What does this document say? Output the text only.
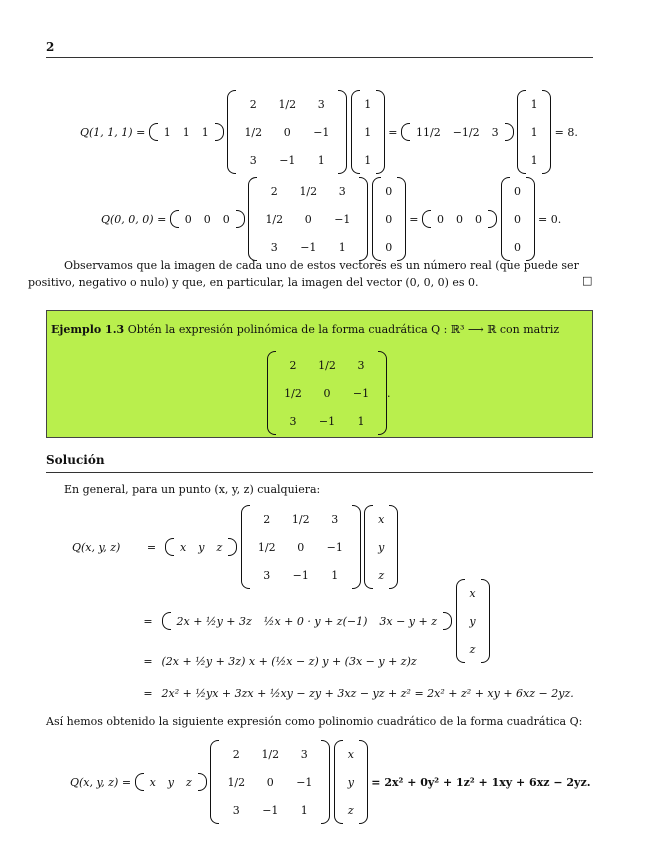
2
Q(1, 1, 1) = 1	1	1

2	1/2	3
1/2	0	−1
3	−1	1

1
1
1
= 11/2	−1/2	3

1
1
1
= 8.
Q(0, 0, 0) = 0	0	0

2	1/2	3
1/2	0	−1
3	−1	1

0
0
0
= 0	0	0

0
0
0
= 0.
Observamos que la imagen de cada uno de estos vectores es un número real (que puede ser
positivo, negativo o nulo) y que, en particular, la imagen del vector (0, 0, 0) es 0.	□
Ejemplo 1.3 Obtén la expresión polinómica de la forma cuadrática Q : ℝ³ ⟶ ℝ con matriz
2	1/2	3
1/2	0	−1
3	−1	1
.
Solución
En general, para un punto (x, y, z) cualquiera:
Q(x, y, z) = x	y	z

2	1/2	3
1/2	0	−1
3	−1	1

x
y
z
= 2x + ½y + 3z	½x + 0 · y + z(−1)	3x − y + z

x
y
z
= (2x + ½y + 3z) x + (½x − z) y + (3x − y + z)z
= 2x² + ½yx + 3zx + ½xy − zy + 3xz − yz + z² = 2x² + z² + xy + 6xz − 2yz.
Así hemos obtenido la siguiente expresión como polinomio cuadrático de la forma cuadrática Q:
Q(x, y, z) = x	y	z

2	1/2	3
1/2	0	−1
3	−1	1

x
y
z
= 2x² + 0y² + 1z² + 1xy + 6xz − 2yz.
